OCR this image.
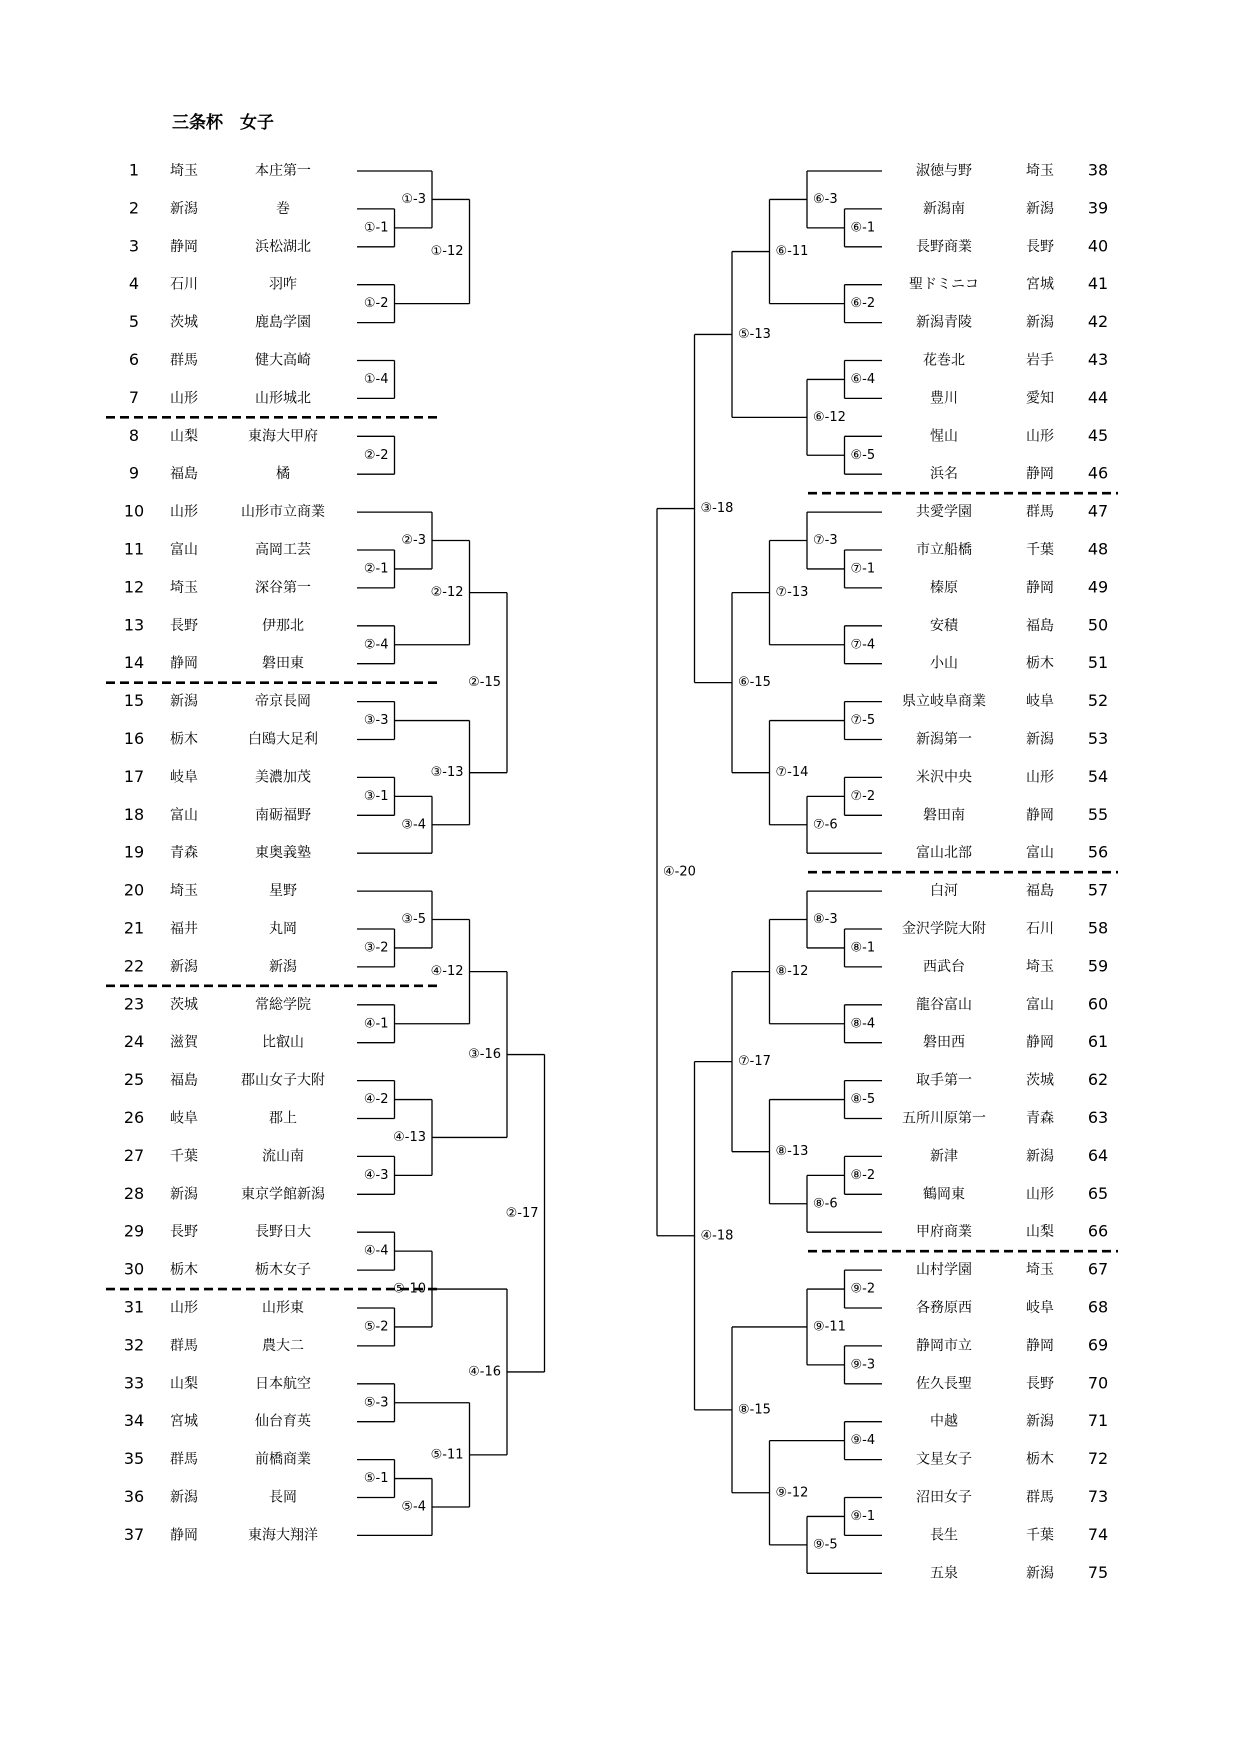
三条杯　女子
1 埼玉	本庄第一
2 新潟	巻
3 静岡	浜松湖北
4 石川	羽咋
5 茨城	鹿島学園
6 群馬	健大高崎
7 山形	山形城北
8 山梨	東海大甲府
9 福島	橘
10 山形	山形市立商業
11 富山	高岡工芸
12 埼玉	深谷第一
13 長野	伊那北
14 静岡	磐田東
15 新潟	帝京長岡
16 栃木	白鴎大足利
17 岐阜	美濃加茂
18 富山	南砺福野
19 青森	東奥義塾
20 埼玉	星野
21 福井	丸岡
22 新潟	新潟
23 茨城	常総学院
24 滋賀	比叡山
25 福島	郡山女子大附
26 岐阜	郡上
27 千葉	流山南
28 新潟	東京学館新潟
29 長野	長野日大
30 栃木	栃木女子
31 山形	山形東
32 群馬	農大二
33 山梨	日本航空
34 宮城	仙台育英
35 群馬	前橋商業
36 新潟	長岡
37 静岡	東海大翔洋
淑徳与野	埼玉 38
新潟南	新潟 39
長野商業	長野 40
聖ドミニコ	宮城 41
新潟青陵	新潟 42
花巻北	岩手 43
豊川	愛知 44
惺山	山形 45
浜名	静岡 46
共愛学園	群馬 47
市立船橋	千葉 48
榛原	静岡 49
安積	福島 50
小山	栃木 51
県立岐阜商業	岐阜 52
新潟第一	新潟 53
米沢中央	山形 54
磐田南	静岡 55
富山北部	富山 56
白河	福島 57
金沢学院大附	石川 58
西武台	埼玉 59
龍谷富山	富山 60
磐田西	静岡 61
取手第一	茨城 62
五所川原第一	青森 63
新津	新潟 64
鶴岡東	山形 65
甲府商業	山梨 66
山村学園	埼玉 67
各務原西	岐阜 68
静岡市立	静岡 69
佐久長聖	長野 70
中越	新潟 71
文星女子	栃木 72
沼田女子	群馬 73
長生	千葉 74
五泉	新潟 75
①-1
①-2
①-3
①-4
①-12
②-2
②-1
②-3
②-4
②-12
③-3
③-1
③-4
③-13
②-15
③-2
③-5
④-1
④-12
④-2
④-3
④-13
③-16
④-4
⑤-2
⑤-10
⑤-3
⑤-1
⑤-4
⑤-11
④-16
②-17
⑥-1
⑥-3
⑥-2
⑥-11
⑥-4
⑥-5
⑥-12
⑤-13
⑦-1
⑦-3
⑦-4
⑦-13
⑦-5
⑦-2
⑦-6
⑦-14
⑥-15
③-18
⑧-1
⑧-3
⑧-4
⑧-12
⑧-5
⑧-2
⑧-6
⑧-13
⑦-17
⑨-2
⑨-3
⑨-11
⑨-4
⑨-1
⑨-5
⑨-12
⑧-15
④-18
④-20
